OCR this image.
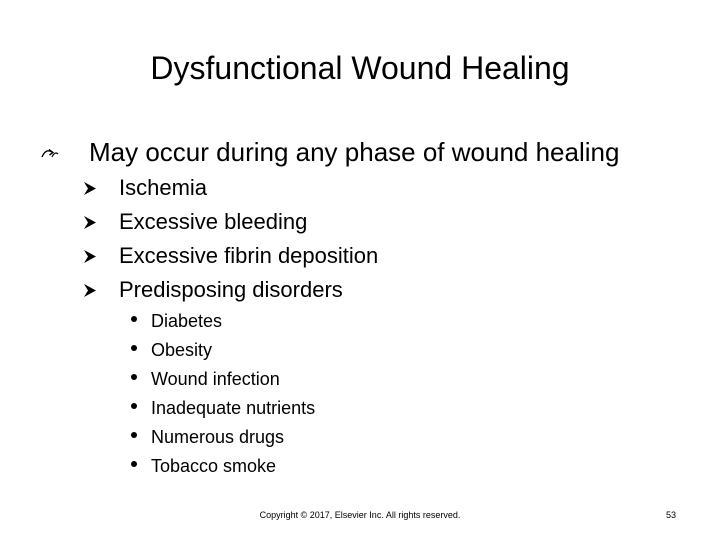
Dysfunctional Wound Healing
May occur during any phase of wound healing
Ischemia
Excessive bleeding
Excessive fibrin deposition
Predisposing disorders
Diabetes
Obesity
Wound infection
Inadequate nutrients
Numerous drugs
Tobacco smoke
Copyright © 2017, Elsevier Inc. All rights reserved.	53
